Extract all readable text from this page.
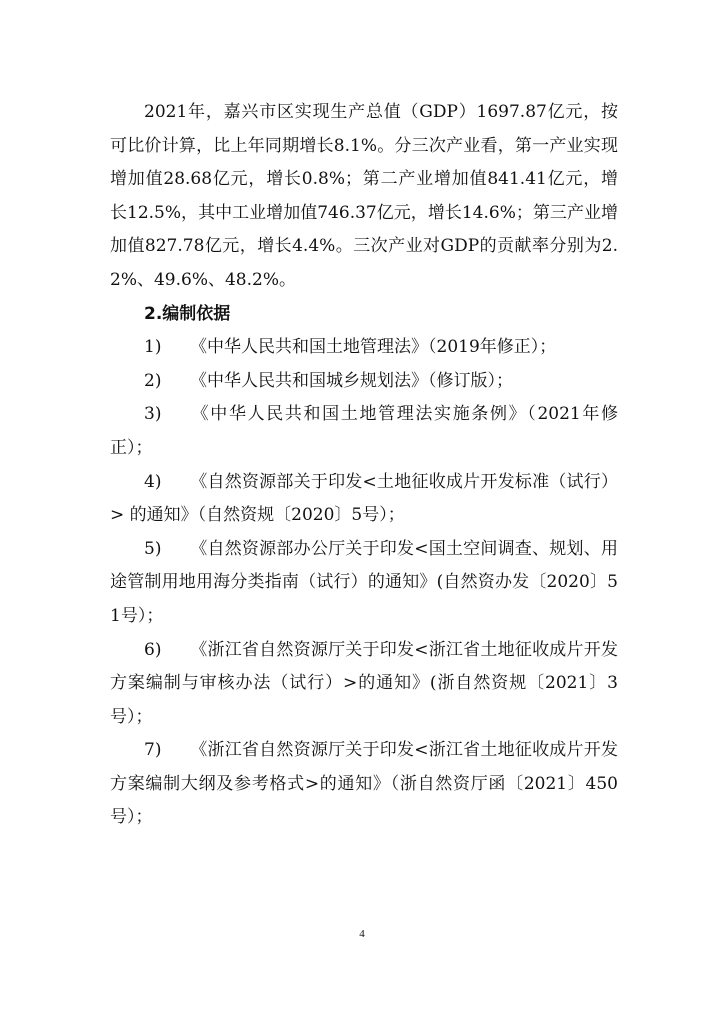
2021年，嘉兴市区实现生产总值（GDP）1697.87亿元，按可比价计算，比上年同期增长8.1%。分三次产业看，第一产业实现增加值28.68亿元，增长0.8%；第二产业增加值841.41亿元，增长12.5%，其中工业增加值746.37亿元，增长14.6%；第三产业增加值827.78亿元，增长4.4%。三次产业对GDP的贡献率分别为2.2%、49.6%、48.2%。

2.编制依据

1) 《中华人民共和国土地管理法》（2019年修正）；

2) 《中华人民共和国城乡规划法》（修订版）；

3) 《中华人民共和国土地管理法实施条例》（2021年修正）；

4) 《自然资源部关于印发<土地征收成片开发标准（试行）> 的通知》（自然资规〔2020〕5号）；

5) 《自然资源部办公厅关于印发<国土空间调查、规划、用途管制用地用海分类指南（试行）的通知》(自然资办发〔2020〕51号）；

6) 《浙江省自然资源厅关于印发<浙江省土地征收成片开发方案编制与审核办法（试行）>的通知》(浙自然资规〔2021〕3号）；

7) 《浙江省自然资源厅关于印发<浙江省土地征收成片开发方案编制大纲及参考格式>的通知》（浙自然资厅函〔2021〕450号）；

4
